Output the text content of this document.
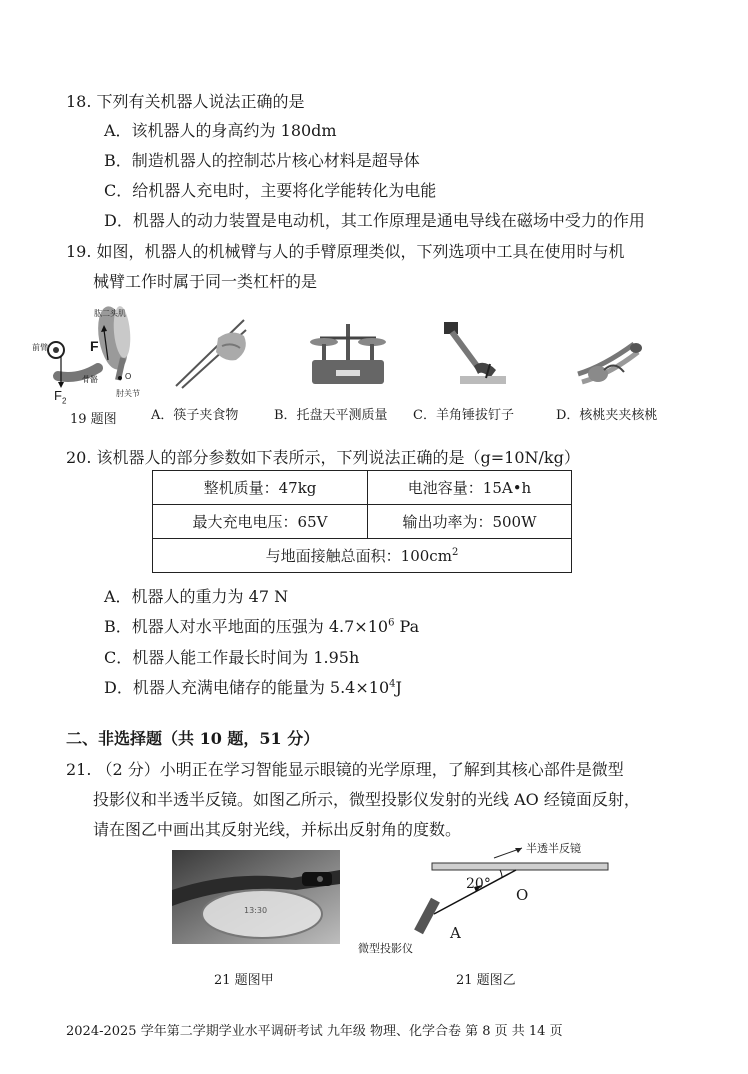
18. 下列有关机器人说法正确的是
A．该机器人的身高约为 180dm
B．制造机器人的控制芯片核心材料是超导体
C．给机器人充电时，主要将化学能转化为电能
D．机器人的动力装置是电动机，其工作原理是通电导线在磁场中受力的作用
19. 如图，机器人的机械臂与人的手臂原理类似，下列选项中工具在使用时与机
械臂工作时属于同一类杠杆的是
肱二头肌
前臂
骨骼
肘关节
F
O
$F_2$
19 题图	A．筷子夹食物	B．托盘天平测质量 C．羊角锤拔钉子	D．核桃夹夹核桃
20. 该机器人的部分参数如下表所示，下列说法正确的是（g=10N/kg）
整机质量：47kg	电池容量：15A•h
最大充电电压：65V	输出功率为：500W
与地面接触总面积：$100cm^2$
A．机器人的重力为 47 N
B．机器人对水平地面的压强为 $4.7\times 10^6$ Pa
C．机器人能工作最长时间为 1.95h
D．机器人充满电储存的能量为 $5.4\times 10^4J$
二、非选择题（共 10 题，51 分）
21. （2 分）小明正在学习智能显示眼镜的光学原理，了解到其核心部件是微型
投影仪和半透半反镜。如图乙所示，微型投影仪发射的光线 AO 经镜面反射，
请在图乙中画出其反射光线，并标出反射角的度数。
13:30
21 题图甲
半透半反镜
20°
O
A
微型投影仪
21 题图乙
2024-2025 学年第二学期学业水平调研考试 九年级 物理、化学合卷 第 8 页 共 14 页
